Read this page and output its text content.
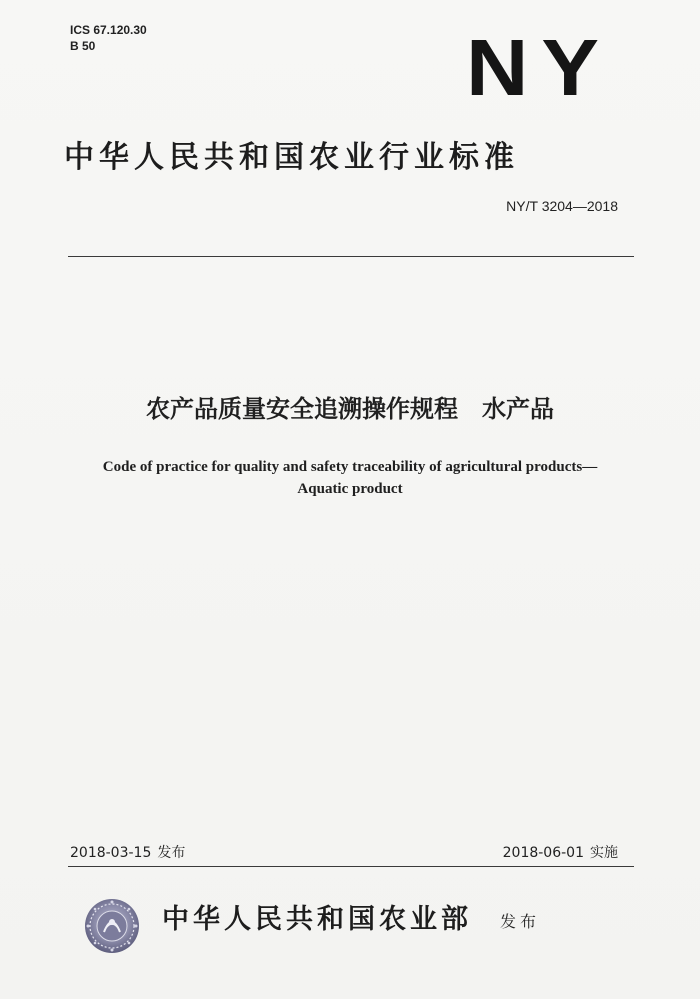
ICS 67.120.30
B 50	NY
中华人民共和国农业行业标准
NY/T 3204—2018
农产品质量安全追溯操作规程　水产品
Code of practice for quality and safety traceability of agricultural products—
Aquatic product
2018-03-15 发布	2018-06-01 实施
中华人民共和国农业部 发布
